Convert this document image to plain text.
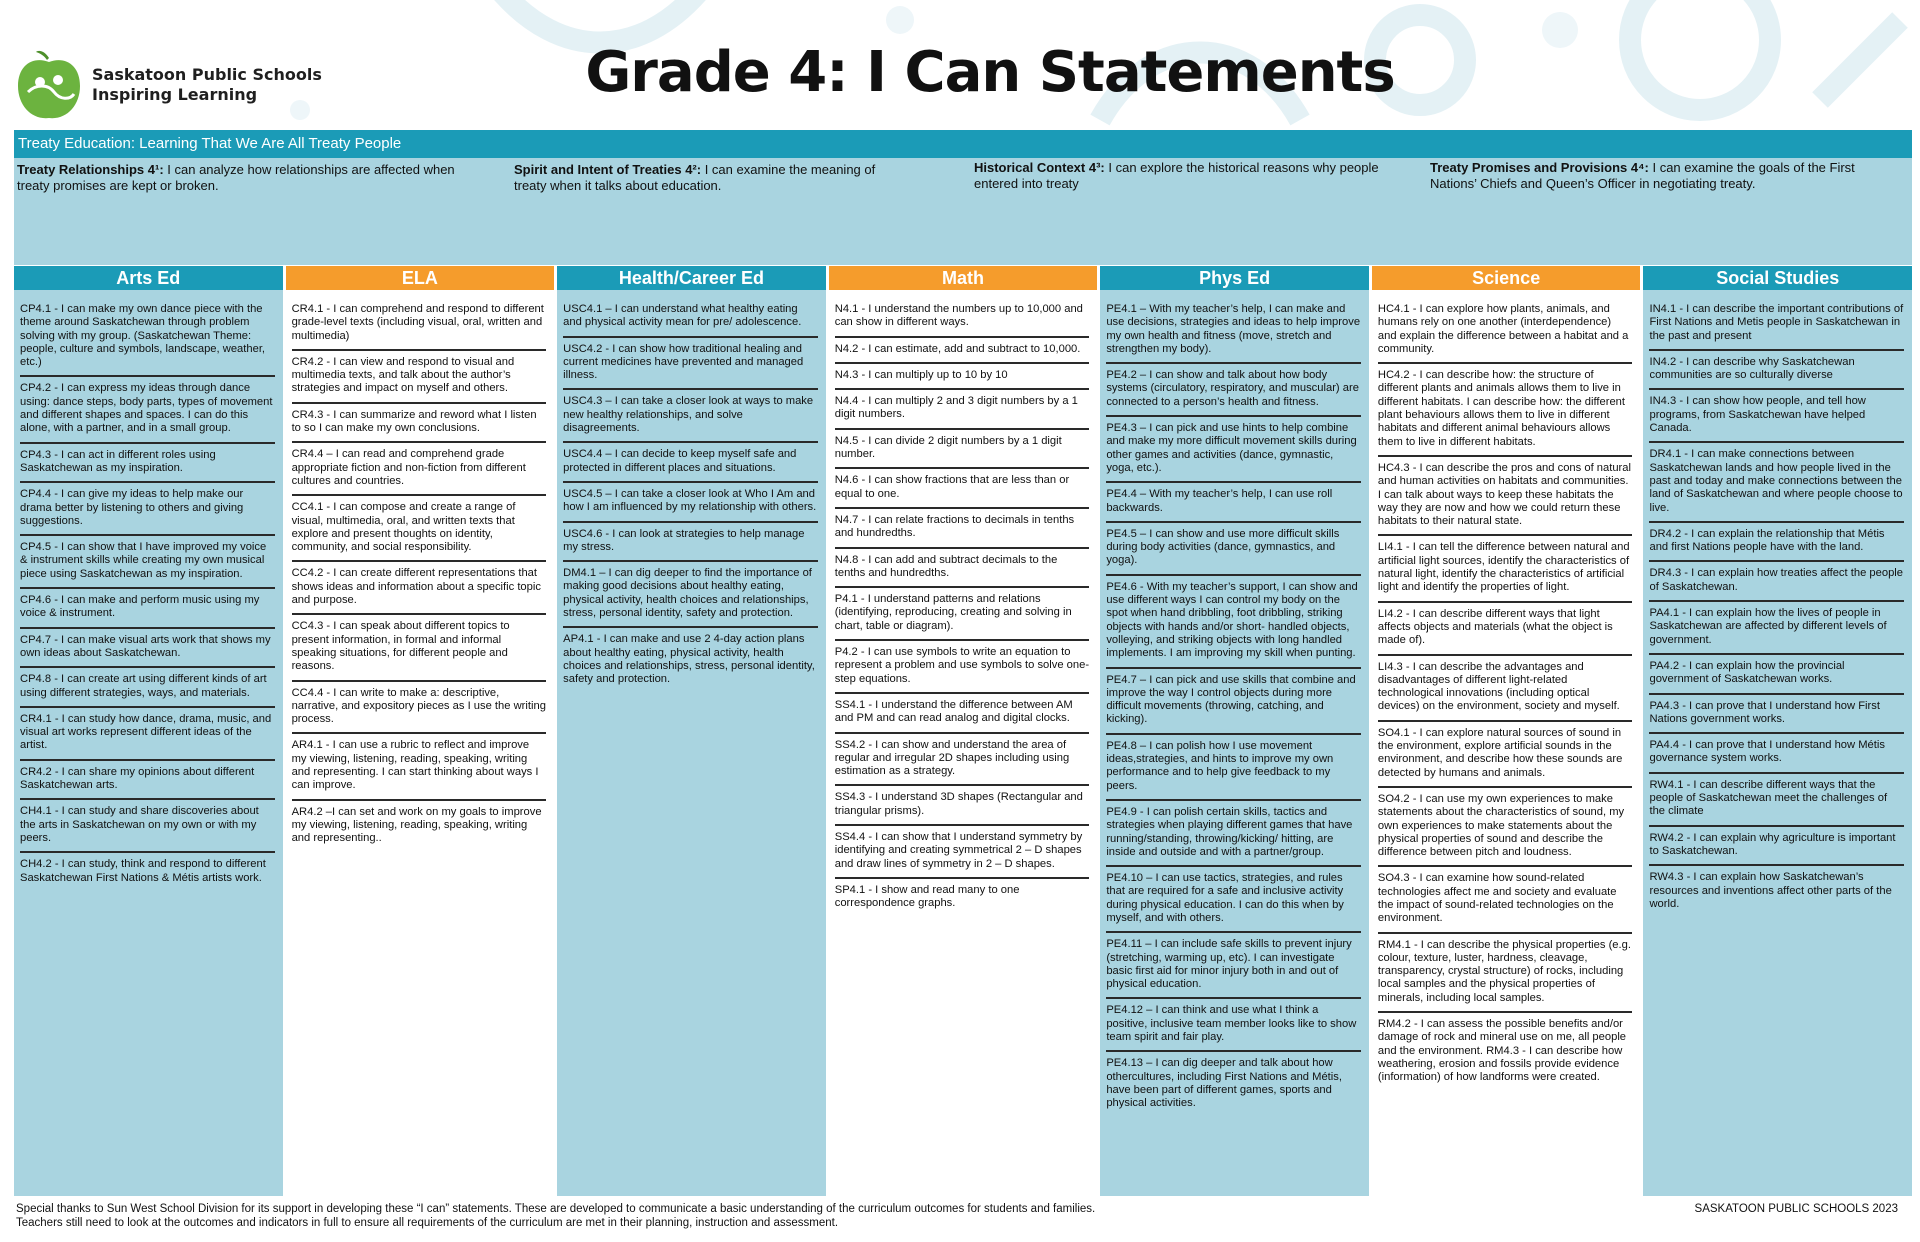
Saskatoon Public Schools
Inspiring Learning	Grade 4: I Can Statements
Treaty Education: Learning That We Are All Treaty People
Treaty Relationships 4¹: I can analyze how relationships are affected when treaty promises are kept or broken.
Spirit and Intent of Treaties 4²: I can examine the meaning of treaty when it talks about education.
Historical Context 4³: I can explore the historical reasons why people entered into treaty
Treaty Promises and Provisions 4⁴: I can examine the goals of the First Nations’ Chiefs and Queen’s Officer in negotiating treaty.
Arts Ed
CP4.1 - I can make my own dance piece with the theme around Saskatchewan through problem solving with my group. (Saskatchewan Theme: people, culture and symbols, landscape, weather, etc.)
CP4.2 - I can express my ideas through dance using: dance steps, body parts, types of movement and different shapes and spaces. I can do this alone, with a partner, and in a small group.
CP4.3 - I can act in different roles using Saskatchewan as my inspiration.
CP4.4 - I can give my ideas to help make our drama better by listening to others and giving suggestions.
CP4.5 - I can show that I have improved my voice & instrument skills while creating my own musical piece using Saskatchewan as my inspiration.
CP4.6 - I can make and perform music using my voice & instrument.
CP4.7 - I can make visual arts work that shows my own ideas about Saskatchewan.
CP4.8 - I can create art using different kinds of art using different strategies, ways, and materials.
CR4.1 - I can study how dance, drama, music, and visual art works represent different ideas of the artist.
CR4.2 - I can share my opinions about different Saskatchewan arts.
CH4.1 - I can study and share discoveries about the arts in Saskatchewan on my own or with my peers.
CH4.2 - I can study, think and respond to different Saskatchewan First Nations & Métis artists work.
ELA
CR4.1 - I can comprehend and respond to different grade-level texts (including visual, oral, written and multimedia)
CR4.2 - I can view and respond to visual and multimedia texts, and talk about the author’s strategies and impact on myself and others.
CR4.3 - I can summarize and reword what I listen to so I can make my own conclusions.
CR4.4 – I can read and comprehend grade appropriate fiction and non-fiction from different cultures and countries.
CC4.1 - I can compose and create a range of visual, multimedia, oral, and written texts that explore and present thoughts on identity, community, and social responsibility.
CC4.2 - I can create different representations that shows ideas and information about a specific topic and purpose.
CC4.3 - I can speak about different topics to present information, in formal and informal speaking situations, for different people and reasons.
CC4.4 - I can write to make a: descriptive, narrative, and expository pieces as I use the writing process.
AR4.1 - I can use a rubric to reflect and improve my viewing, listening, reading, speaking, writing and representing. I can start thinking about ways I can improve.
AR4.2 –I can set and work on my goals to improve my viewing, listening, reading, speaking, writing and representing..
Health/Career Ed
USC4.1 – I can understand what healthy eating and physical activity mean for pre/ adolescence.
USC4.2 - I can show how traditional healing and current medicines have prevented and managed illness.
USC4.3 – I can take a closer look at ways to make new healthy relationships, and solve disagreements.
USC4.4 – I can decide to keep myself safe and protected in different places and situations.
USC4.5 – I can take a closer look at Who I Am and how I am influenced by my relationship with others.
USC4.6 - I can look at strategies to help manage my stress.
DM4.1 – I can dig deeper to find the importance of making good decisions about healthy eating, physical activity, health choices and relationships, stress, personal identity, safety and protection.
AP4.1 - I can make and use 2 4-day action plans about healthy eating, physical activity, health choices and relationships, stress, personal identity, safety and protection.
Math
N4.1 - I understand the numbers up to 10,000 and can show in different ways.
N4.2 - I can estimate, add and subtract to 10,000.
N4.3 - I can multiply up to 10 by 10
N4.4 - I can multiply 2 and 3 digit numbers by a 1 digit numbers.
N4.5 - I can divide 2 digit numbers by a 1 digit number.
N4.6 - I can show fractions that are less than or equal to one.
N4.7 - I can relate fractions to decimals in tenths and hundredths.
N4.8 - I can add and subtract decimals to the tenths and hundredths.
P4.1 - I understand patterns and relations (identifying, reproducing, creating and solving in chart, table or diagram).
P4.2 - I can use symbols to write an equation to represent a problem and use symbols to solve one-step equations.
SS4.1 - I understand the difference between AM and PM and can read analog and digital clocks.
SS4.2 - I can show and understand the area of regular and irregular 2D shapes including using estimation as a strategy.
SS4.3 - I understand 3D shapes (Rectangular and triangular prisms).
SS4.4 - I can show that I understand symmetry by identifying and creating symmetrical 2 – D shapes and draw lines of symmetry in 2 – D shapes.
SP4.1 - I show and read many to one correspondence graphs.
Phys Ed
PE4.1 – With my teacher’s help, I can make and use decisions, strategies and ideas to help improve my own health and fitness (move, stretch and strengthen my body).
PE4.2 – I can show and talk about how body systems (circulatory, respiratory, and muscular) are connected to a person’s health and fitness.
PE4.3 – I can pick and use hints to help combine and make my more difficult movement skills during other games and activities (dance, gymnastic, yoga, etc.).
PE4.4 – With my teacher’s help, I can use roll backwards.
PE4.5 – I can show and use more difficult skills during body activities (dance, gymnastics, and yoga).
PE4.6 - With my teacher’s support, I can show and use different ways I can control my body on the spot when hand dribbling, foot dribbling, striking objects with hands and/or short- handled objects, volleying, and striking objects with long handled implements. I am improving my skill when punting.
PE4.7 – I can pick and use skills that combine and improve the way I control objects during more difficult movements (throwing, catching, and kicking).
PE4.8 – I can polish how I use movement ideas,strategies, and hints to improve my own performance and to help give feedback to my peers.
PE4.9 - I can polish certain skills, tactics and strategies when playing different games that have running/standing, throwing/kicking/ hitting, are inside and outside and with a partner/group.
PE4.10 – I can use tactics, strategies, and rules that are required for a safe and inclusive activity during physical education. I can do this when by myself, and with others.
PE4.11 – I can include safe skills to prevent injury (stretching, warming up, etc). I can investigate basic first aid for minor injury both in and out of physical education.
PE4.12 – I can think and use what I think a positive, inclusive team member looks like to show team spirit and fair play.
PE4.13 – I can dig deeper and talk about how othercultures, including First Nations and Métis, have been part of different games, sports and physical activities.
Science
HC4.1 - I can explore how plants, animals, and humans rely on one another (interdependence) and explain the difference between a habitat and a community.
HC4.2 - I can describe how: the structure of different plants and animals allows them to live in different habitats. I can describe how: the different plant behaviours allows them to live in different habitats and different animal behaviours allows them to live in different habitats.
HC4.3 - I can describe the pros and cons of natural and human activities on habitats and communities. I can talk about ways to keep these habitats the way they are now and how we could return these habitats to their natural state.
LI4.1 - I can tell the difference between natural and artificial light sources, identify the characteristics of natural light, identify the characteristics of artificial light and identify the properties of light.
LI4.2 - I can describe different ways that light affects objects and materials (what the object is made of).
LI4.3 - I can describe the advantages and disadvantages of different light-related technological innovations (including optical devices) on the environment, society and myself.
SO4.1 - I can explore natural sources of sound in the environment, explore artificial sounds in the environment, and describe how these sounds are detected by humans and animals.
SO4.2 - I can use my own experiences to make statements about the characteristics of sound, my own experiences to make statements about the physical properties of sound and describe the difference between pitch and loudness.
SO4.3 - I can examine how sound-related technologies affect me and society and evaluate the impact of sound-related technologies on the environment.
RM4.1 - I can describe the physical properties (e.g. colour, texture, luster, hardness, cleavage, transparency, crystal structure) of rocks, including local samples and the physical properties of minerals, including local samples.
RM4.2 - I can assess the possible benefits and/or damage of rock and mineral use on me, all people and the environment. RM4.3 - I can describe how weathering, erosion and fossils provide evidence (information) of how landforms were created.
Social Studies
IN4.1 - I can describe the important contributions of First Nations and Metis people in Saskatchewan in the past and present
IN4.2 - I can describe why Saskatchewan communities are so culturally diverse
IN4.3 - I can show how people, and tell how programs, from Saskatchewan have helped Canada.
DR4.1 - I can make connections between Saskatchewan lands and how people lived in the past and today and make connections between the land of Saskatchewan and where people choose to live.
DR4.2 - I can explain the relationship that Métis and first Nations people have with the land.
DR4.3 - I can explain how treaties affect the people of Saskatchewan.
PA4.1 - I can explain how the lives of people in Saskatchewan are affected by different levels of government.
PA4.2 - I can explain how the provincial government of Saskatchewan works.
PA4.3 - I can prove that I understand how First Nations government works.
PA4.4 - I can prove that I understand how Métis governance system works.
RW4.1 - I can describe different ways that the people of Saskatchewan meet the challenges of the climate
RW4.2 - I can explain why agriculture is important to Saskatchewan.
RW4.3 - I can explain how Saskatchewan’s resources and inventions affect other parts of the world.
Special thanks to Sun West School Division for its support in developing these “I can” statements. These are developed to communicate a basic understanding of the curriculum outcomes for students and families. Teachers still need to look at the outcomes and indicators in full to ensure all requirements of the curriculum are met in their planning, instruction and assessment.
SASKATOON PUBLIC SCHOOLS 2023
